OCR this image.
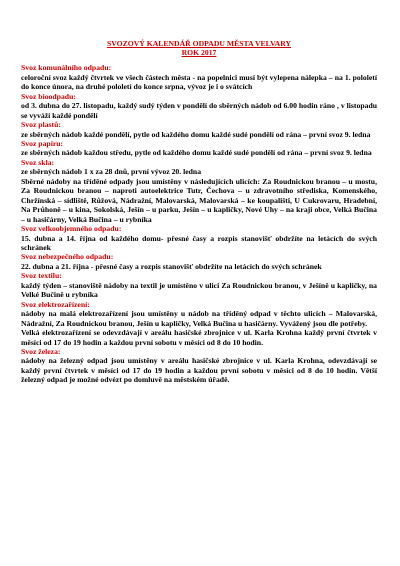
SVOZOVÝ KALENDÁŘ ODPADU MĚSTA VELVARY
ROK 2017
Svoz komunálního odpadu:
celoroční svoz každý čtvrtek ve všech částech města - na popelnici musí být vylepena nálepka – na 1. pololetí do konce února, na druhé pololetí do konce srpna, vývoz je i o svátcích
Svoz bioodpadu:
od 3. dubna do 27. listopadu, každý sudý týden v pondělí do sběrných nádob od 6.00 hodin ráno , v listopadu se vyváží každé pondělí
Svoz plastů:
ze sběrných nádob každé pondělí, pytle od každého domu každé sudé pondělí od rána – první svoz 9. ledna
Svoz papíru:
ze sběrných nádob každou středu, pytle od každého domu každé sudé pondělí od rána – první svoz 9. ledna
Svoz skla:
ze sběrných nádob 1 x za 28 dnů, první vývoz 20. ledna
Sběrné nádoby na tříděné odpady jsou umístěny v následujících ulicích: Za Roudnickou branou – u mostu, Za Roudnickou branou – naproti autoelektrice Tutr, Čechova – u zdravotního střediska, Komenského, Chržínská – sídliště, Růžová, Nádražní, Malovarská, Malovarská – ke koupališti, U Cukrovaru, Hradební, Na Průhonë – u kina, Sokolská, Ješín – u parku, Ješín – u kapličky, Nové Uhy – na kraji obce, Velká Bučina – u hasičárny, Velká Bučina – u rybníka
Svoz velkoobjemného odpadu:
15. dubna a 14. října od každého domu- přesné časy a rozpis stanovišť obdržíte na letácích do svých schránek
Svoz nebezpečného odpadu:
22. dubna a 21. října - přesné časy a rozpis stanovišť obdržíte na letácích do svých schránek
Svoz textilu:
každý týden – stanoviště nádoby na textil je umístěno v ulici Za Roudnickou branou, v Ješíně u kapličky, na Velké Bučině u rybníka
Svoz elektrozařízení:
nádoby na malá elektrozařízení jsou umístěny u nádob na tříděný odpad v těchto ulicích – Malovarská, Nádražní, Za Roudnickou branou, Ješín u kapličky, Velká Bučina u hasičárny. Vyvážený jsou dle potřeby.
Velká elektrozařízení se odevzdávají v areálu hasičské zbrojnice v ul. Karla Krohna každý první čtvrtek v měsíci od 17 do 19 hodin a každou první sobotu v měsíci od 8 do 10 hodin.
Svoz železa:
nádoby na železný odpad jsou umístěny v areálu hasičské zbrojnice v ul. Karla Krohna, odevzdávají se každý první čtvrtek v měsíci od 17 do 19 hodin a každou první sobotu v měsíci od 8 do 10 hodin. Větší železný odpad je možné odvézt po domluvě na městském úřadě.
